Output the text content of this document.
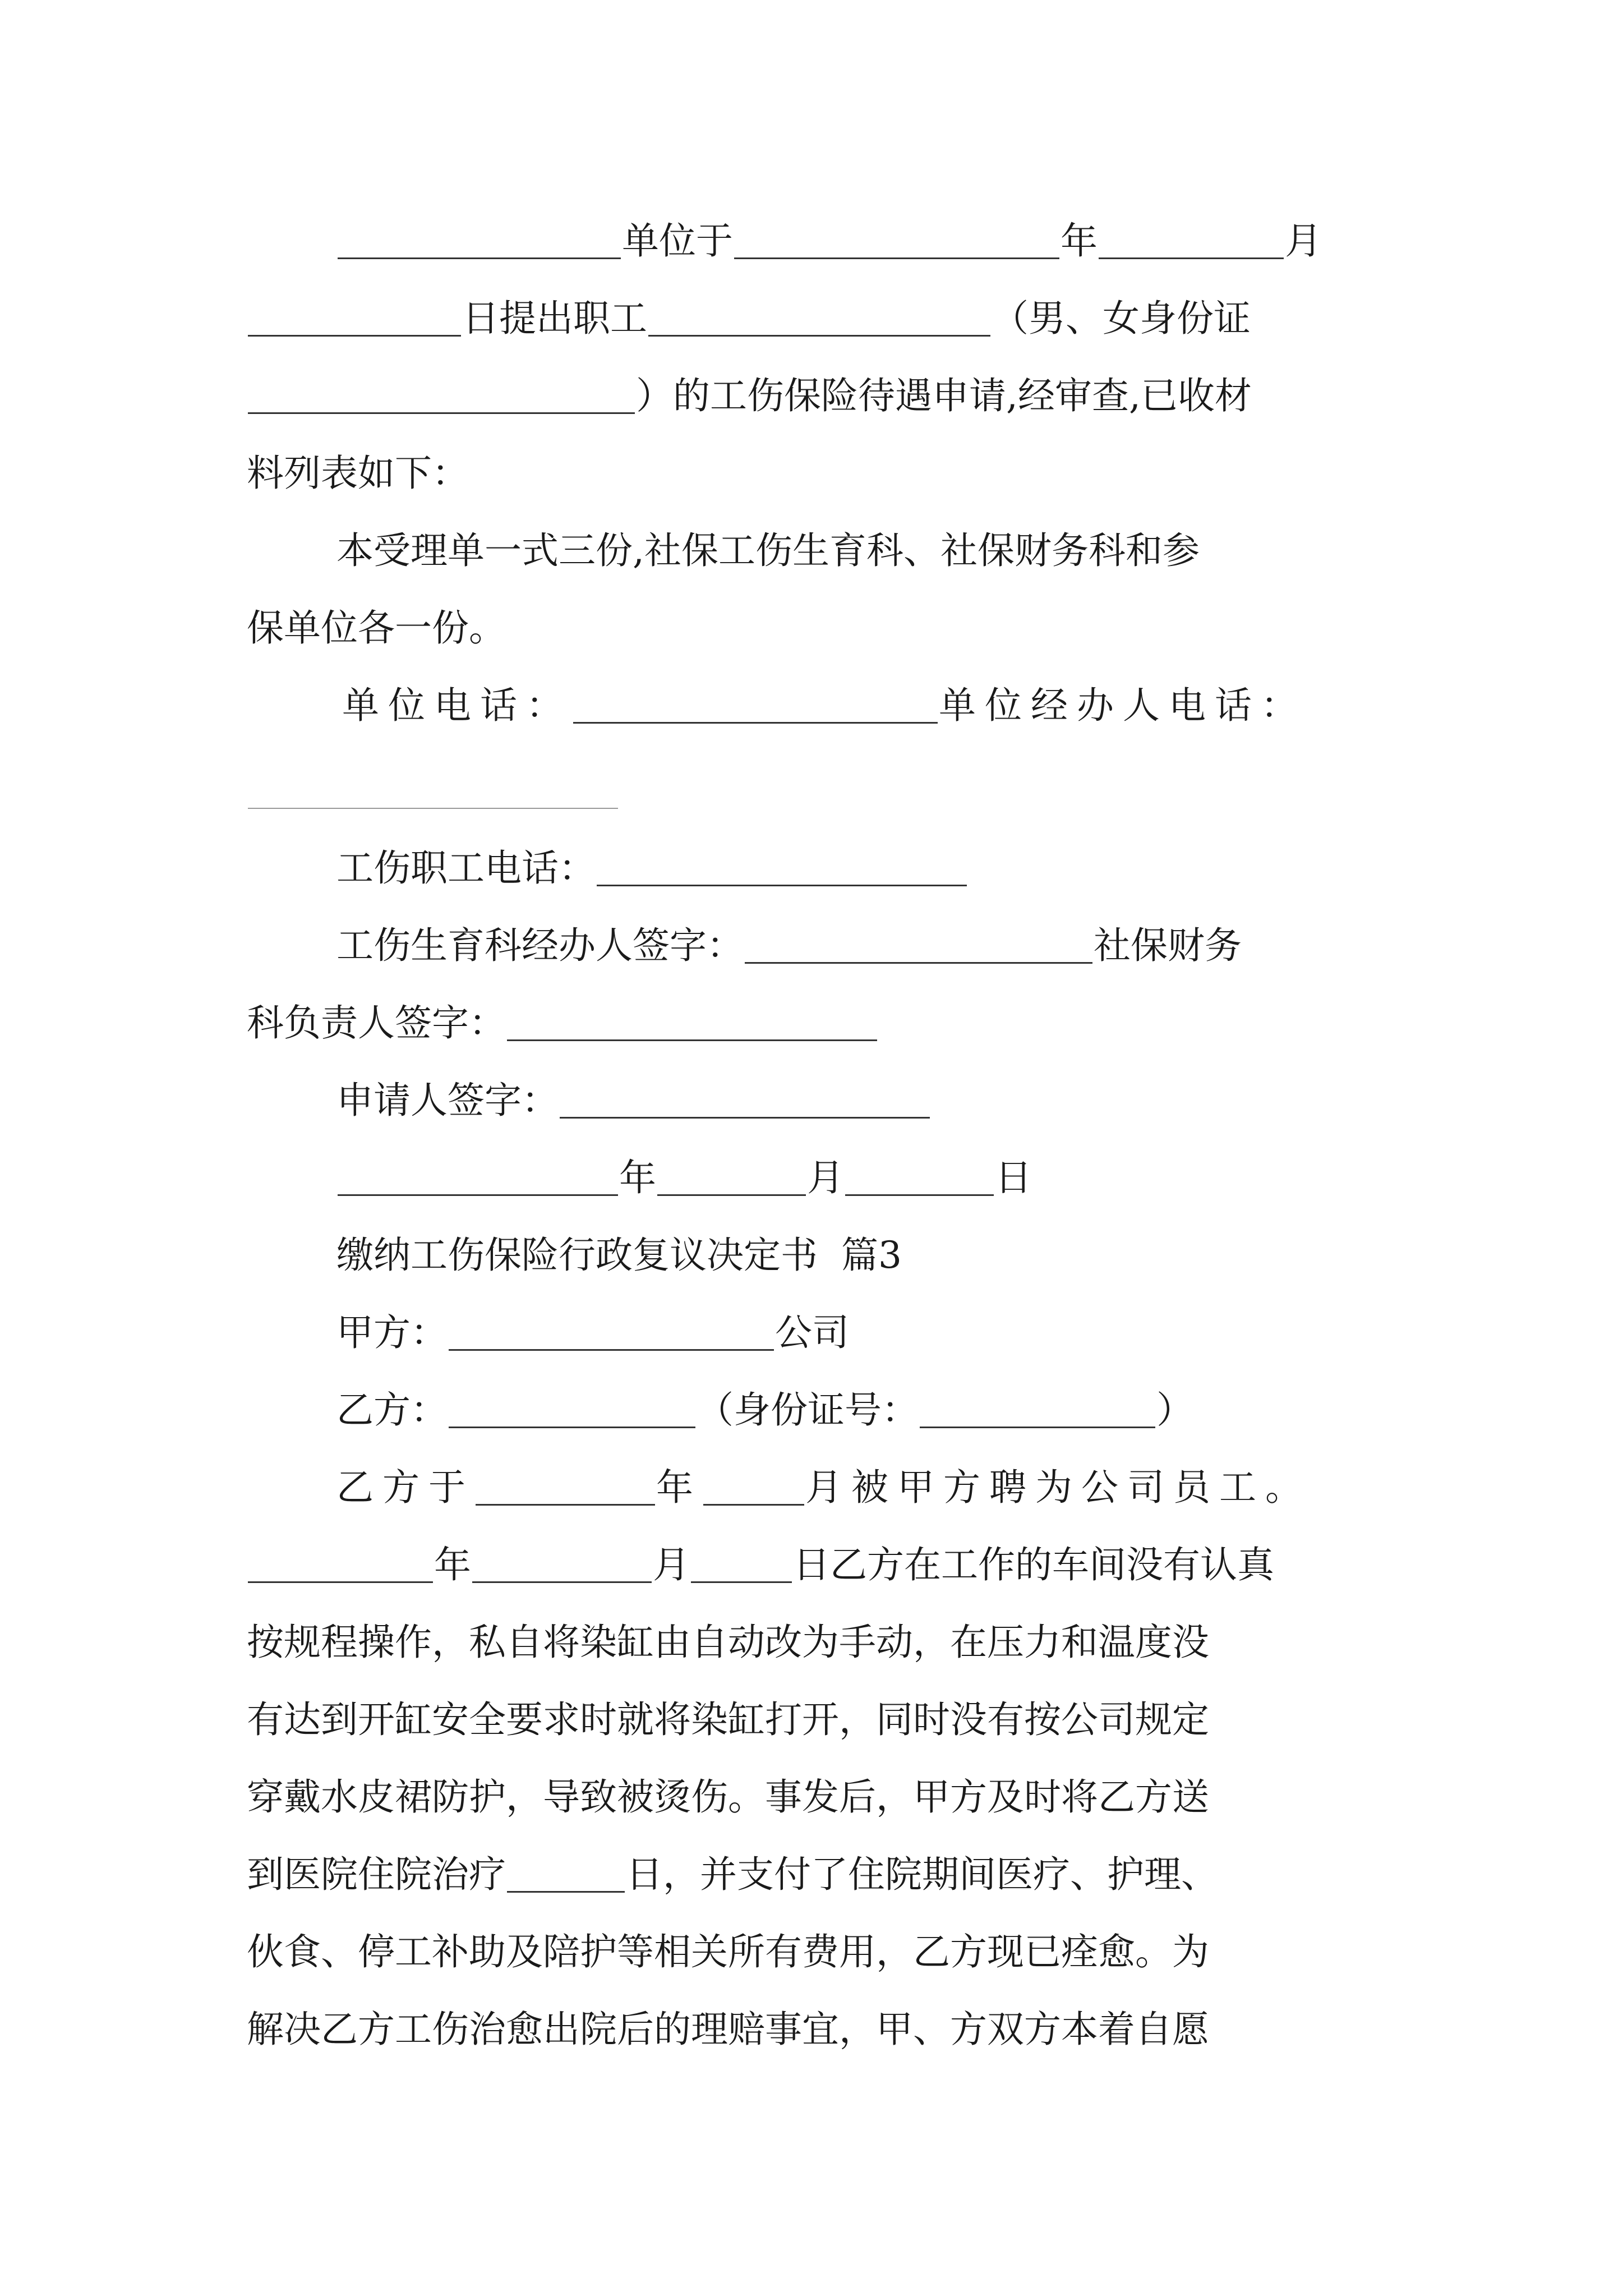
单位于	年	月
日提出职工	（男、女身份证
）的工伤保险待遇申请,经审查,已收材
料列表如下：
本受理单一式三份,社保工伤生育科、社保财务科和参
保单位各一份。
单位电话：	单位经办人电话：
工伤职工电话：
工伤生育科经办人签字：	社保财务
科负责人签字：
申请人签字：
年	月	日
缴纳工伤保险行政复议决定书  篇3
甲方：	公司
乙方：	（身份证号：	）
乙方于	年	月被甲方聘为公司员工。
年	月	日乙方在工作的车间没有认真
按规程操作，私自将染缸由自动改为手动，在压力和温度没
有达到开缸安全要求时就将染缸打开，同时没有按公司规定
穿戴水皮裙防护，导致被烫伤。事发后，甲方及时将乙方送
到医院住院治疗	日，并支付了住院期间医疗、护理、
伙食、停工补助及陪护等相关所有费用，乙方现已痊愈。为
解决乙方工伤治愈出院后的理赔事宜，甲、方双方本着自愿
